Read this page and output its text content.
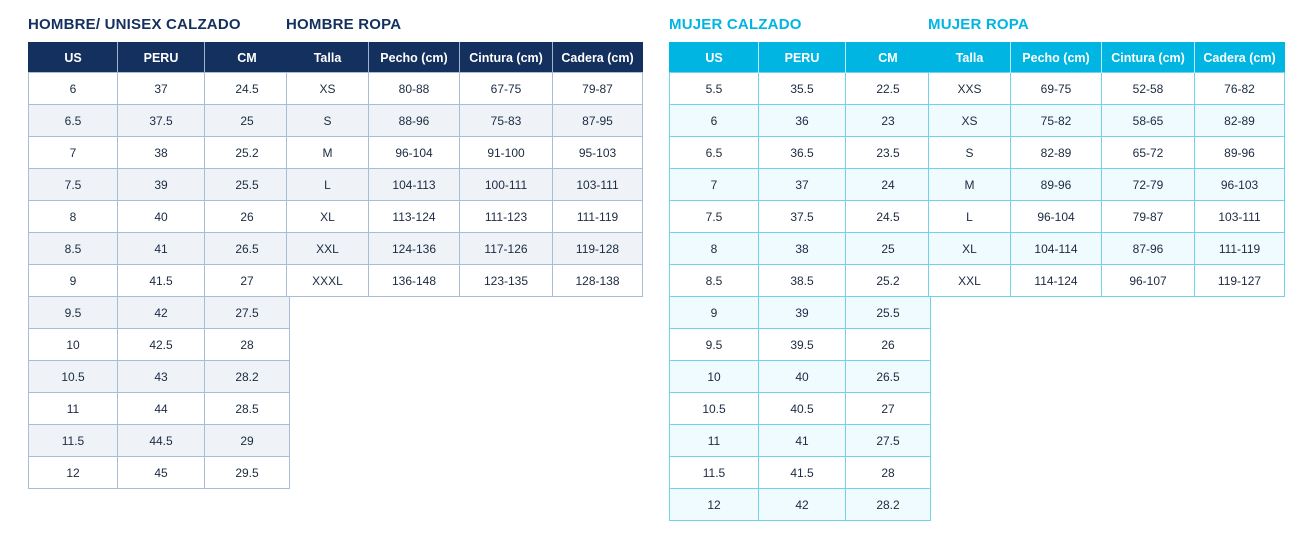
HOMBRE/ UNISEX CALZADO
US	PERU	CM
6	37	24.5
6.5	37.5	25
7	38	25.2
7.5	39	25.5
8	40	26
8.5	41	26.5
9	41.5	27
9.5	42	27.5
10	42.5	28
10.5	43	28.2
11	44	28.5
11.5	44.5	29
12	45	29.5
HOMBRE ROPA
Talla	Pecho (cm)	Cintura (cm)	Cadera (cm)
XS	80-88	67-75	79-87
S	88-96	75-83	87-95
M	96-104	91-100	95-103
L	104-113	100-111	103-111
XL	113-124	111-123	111-119
XXL	124-136	117-126	119-128
XXXL	136-148	123-135	128-138
MUJER CALZADO
US	PERU	CM
5.5	35.5	22.5
6	36	23
6.5	36.5	23.5
7	37	24
7.5	37.5	24.5
8	38	25
8.5	38.5	25.2
9	39	25.5
9.5	39.5	26
10	40	26.5
10.5	40.5	27
11	41	27.5
11.5	41.5	28
12	42	28.2
MUJER ROPA
Talla	Pecho (cm)	Cintura (cm)	Cadera (cm)
XXS	69-75	52-58	76-82
XS	75-82	58-65	82-89
S	82-89	65-72	89-96
M	89-96	72-79	96-103
L	96-104	79-87	103-111
XL	104-114	87-96	111-119
XXL	114-124	96-107	119-127
